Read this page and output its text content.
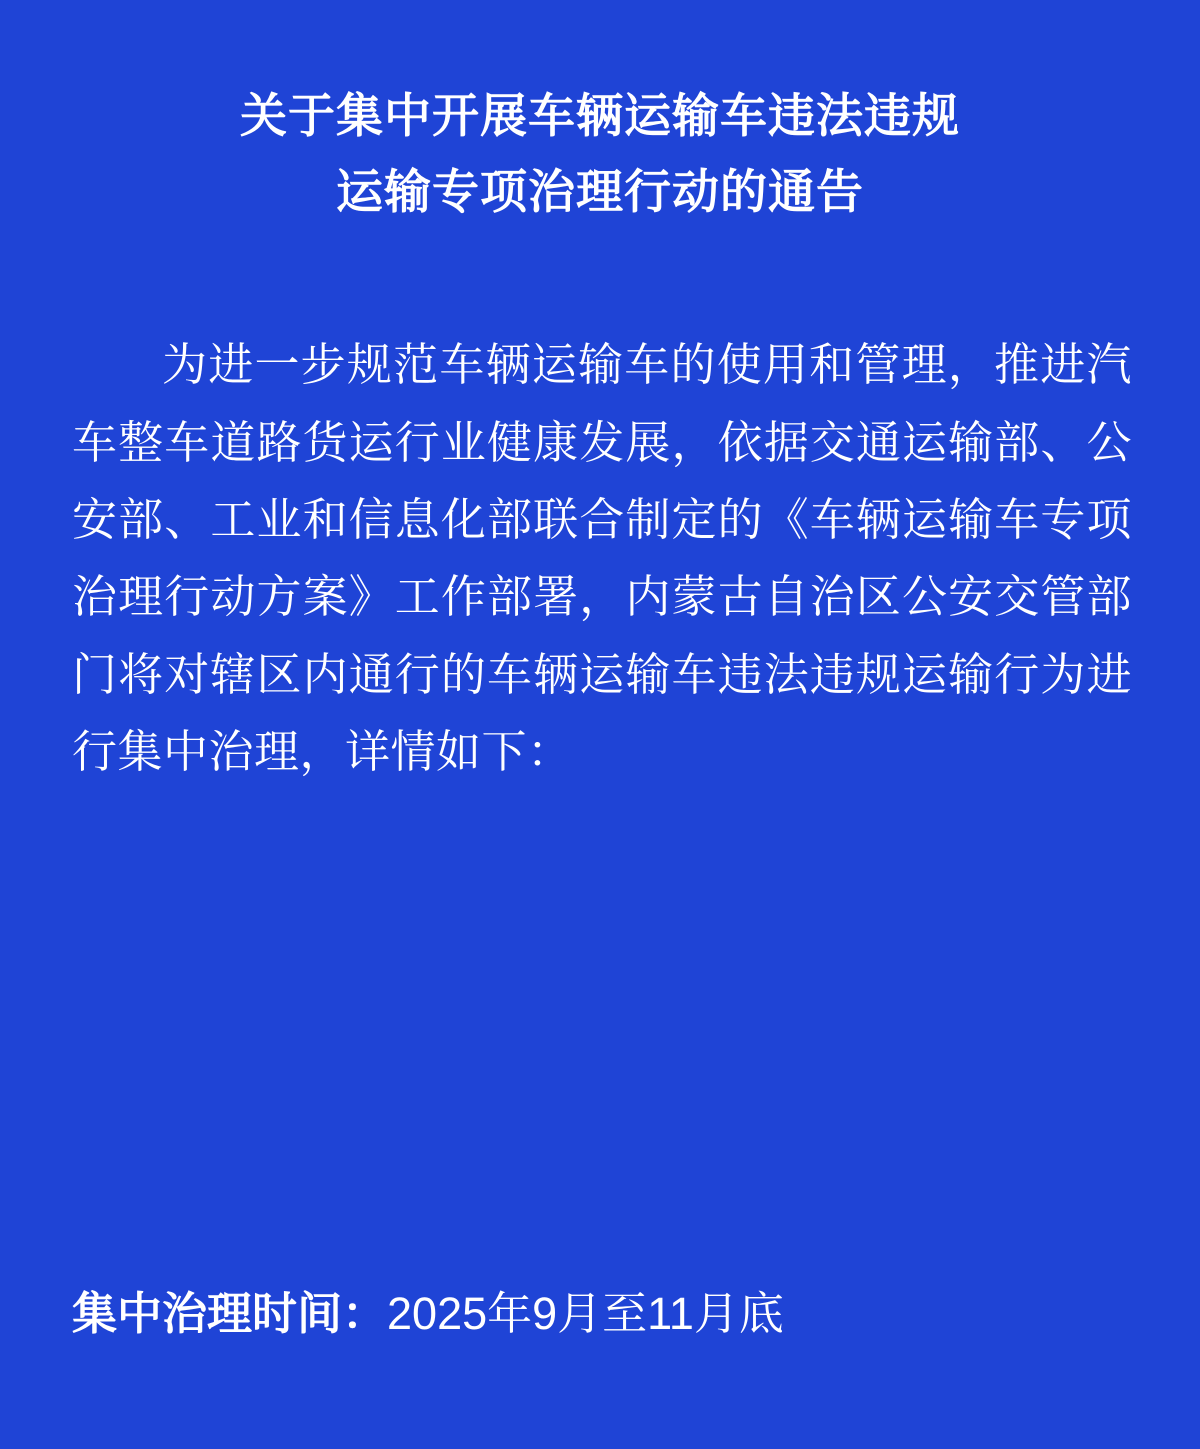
关于集中开展车辆运输车违法违规
运输专项治理行动的通告

为进一步规范车辆运输车的使用和管理，推进汽车整车道路货运行业健康发展，依据交通运输部、公安部、工业和信息化部联合制定的《车辆运输车专项治理行动方案》工作部署，内蒙古自治区公安交管部门将对辖区内通行的车辆运输车违法违规运输行为进行集中治理，详情如下：

集中治理时间：2025年9月至11月底
